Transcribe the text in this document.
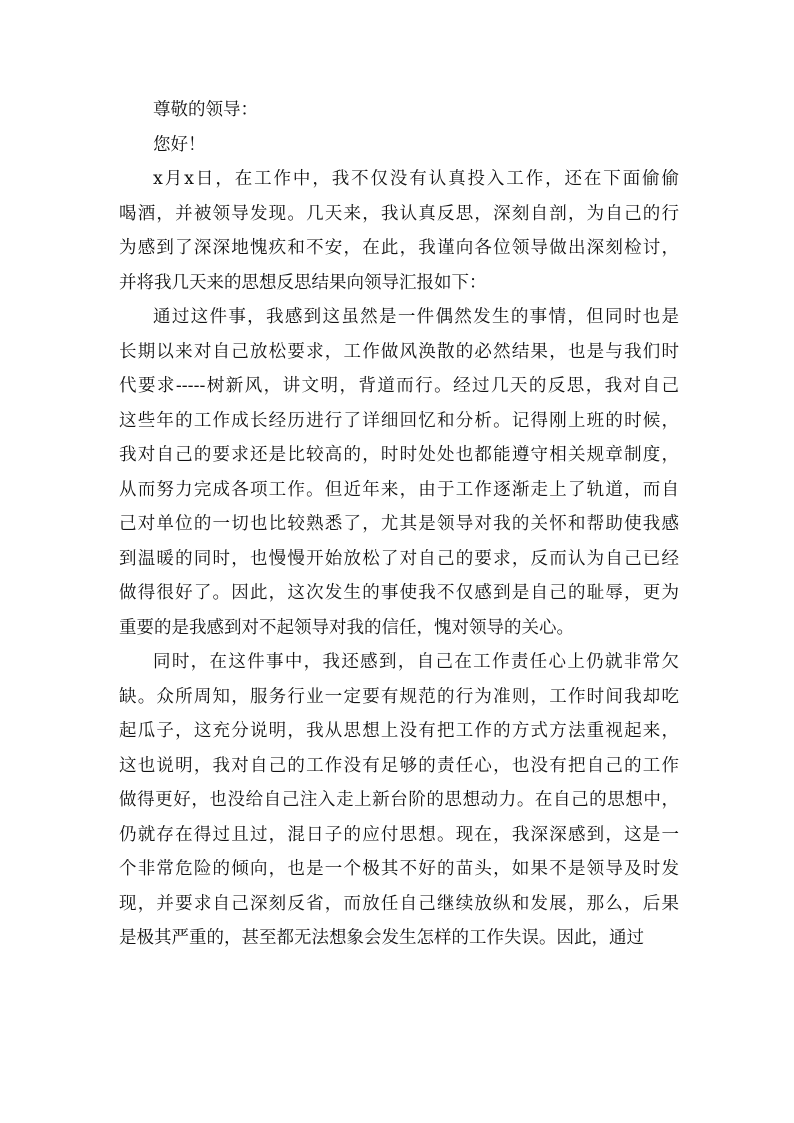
尊敬的领导：

您好！

x月x日，在工作中，我不仅没有认真投入工作，还在下面偷偷
喝酒，并被领导发现。几天来，我认真反思，深刻自剖，为自己的行
为感到了深深地愧疚和不安，在此，我谨向各位领导做出深刻检讨，
并将我几天来的思想反思结果向领导汇报如下：
通过这件事，我感到这虽然是一件偶然发生的事情，但同时也是
长期以来对自己放松要求，工作做风涣散的必然结果，也是与我们时
代要求-----树新风，讲文明，背道而行。经过几天的反思，我对自己
这些年的工作成长经历进行了详细回忆和分析。记得刚上班的时候，
我对自己的要求还是比较高的，时时处处也都能遵守相关规章制度，
从而努力完成各项工作。但近年来，由于工作逐渐走上了轨道，而自
己对单位的一切也比较熟悉了，尤其是领导对我的关怀和帮助使我感
到温暖的同时，也慢慢开始放松了对自己的要求，反而认为自己已经
做得很好了。因此，这次发生的事使我不仅感到是自己的耻辱，更为
重要的是我感到对不起领导对我的信任，愧对领导的关心。
同时，在这件事中，我还感到，自己在工作责任心上仍就非常欠
缺。众所周知，服务行业一定要有规范的行为准则，工作时间我却吃
起瓜子，这充分说明，我从思想上没有把工作的方式方法重视起来，
这也说明，我对自己的工作没有足够的责任心，也没有把自己的工作
做得更好，也没给自己注入走上新台阶的思想动力。在自己的思想中，
仍就存在得过且过，混日子的应付思想。现在，我深深感到，这是一
个非常危险的倾向，也是一个极其不好的苗头，如果不是领导及时发
现，并要求自己深刻反省，而放任自己继续放纵和发展，那么，后果
是极其严重的，甚至都无法想象会发生怎样的工作失误。因此，通过
